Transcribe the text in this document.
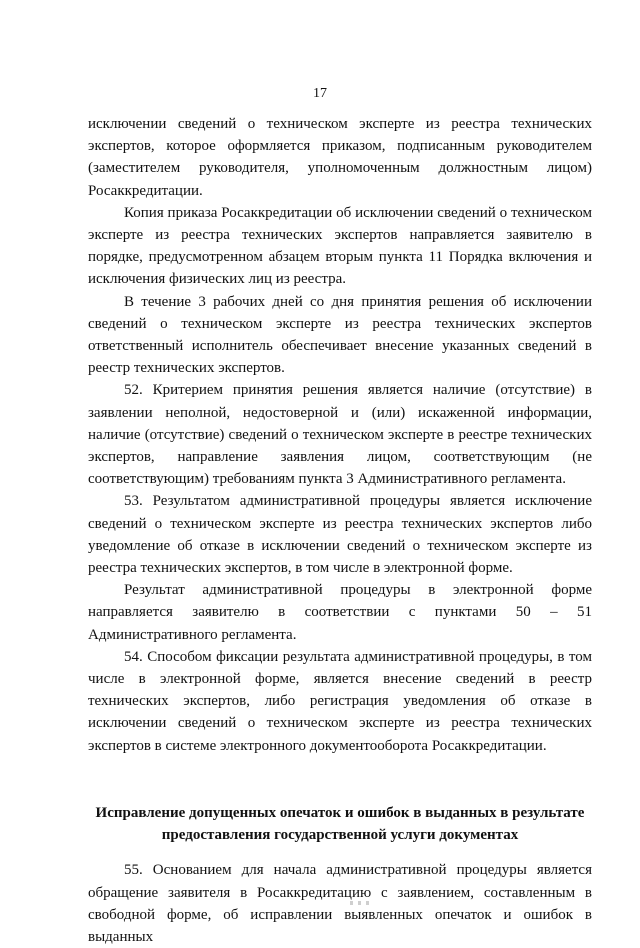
17

исключении сведений о техническом эксперте из реестра технических экспертов, которое оформляется приказом, подписанным руководителем (заместителем руководителя, уполномоченным должностным лицом) Росаккредитации.

Копия приказа Росаккредитации об исключении сведений о техническом эксперте из реестра технических экспертов направляется заявителю в порядке, предусмотренном абзацем вторым пункта 11 Порядка включения и исключения физических лиц из реестра.

В течение 3 рабочих дней со дня принятия решения об исключении сведений о техническом эксперте из реестра технических экспертов ответственный исполнитель обеспечивает внесение указанных сведений в реестр технических экспертов.

52. Критерием принятия решения является наличие (отсутствие) в заявлении неполной, недостоверной и (или) искаженной информации, наличие (отсутствие) сведений о техническом эксперте в реестре технических экспертов, направление заявления лицом, соответствующим (не соответствующим) требованиям пункта 3 Административного регламента.

53. Результатом административной процедуры является исключение сведений о техническом эксперте из реестра технических экспертов либо уведомление об отказе в исключении сведений о техническом эксперте из реестра технических экспертов, в том числе в электронной форме.

Результат административной процедуры в электронной форме направляется заявителю в соответствии с пунктами 50 – 51 Административного регламента.

54. Способом фиксации результата административной процедуры, в том числе в электронной форме, является внесение сведений в реестр технических экспертов, либо регистрация уведомления об отказе в исключении сведений о техническом эксперте из реестра технических экспертов в системе электронного документооборота Росаккредитации.

Исправление допущенных опечаток и ошибок в выданных в результате предоставления государственной услуги документах

55. Основанием для начала административной процедуры является обращение заявителя в Росаккредитацию с заявлением, составленным в свободной форме, об исправлении выявленных опечаток и ошибок в выданных
